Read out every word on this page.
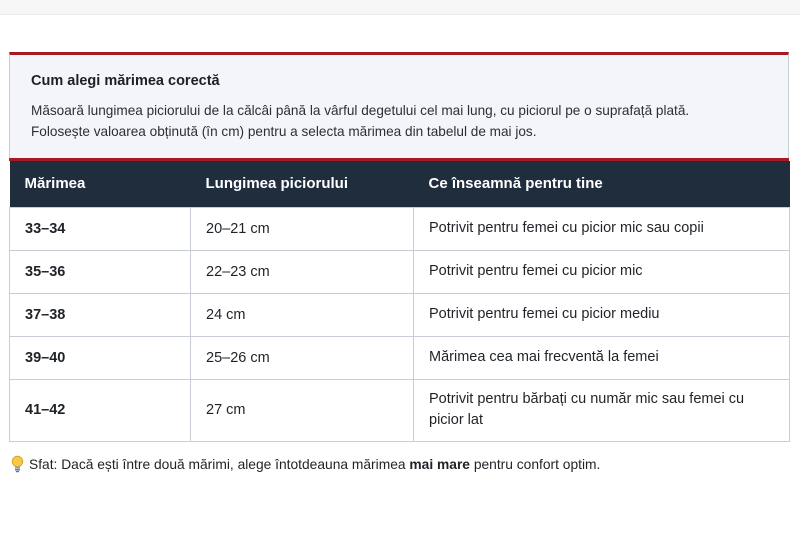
Cum alegi mărimea corectă

Măsoară lungimea piciorului de la călcâi până la vârful degetului cel mai lung, cu piciorul pe o suprafață plată.
Folosește valoarea obținută (în cm) pentru a selecta mărimea din tabelul de mai jos.

Mărimea	Lungimea piciorului	Ce înseamnă pentru tine
33–34	20–21 cm	Potrivit pentru femei cu picior mic sau copii
35–36	22–23 cm	Potrivit pentru femei cu picior mic
37–38	24 cm	Potrivit pentru femei cu picior mediu
39–40	25–26 cm	Mărimea cea mai frecventă la femei
41–42	27 cm	Potrivit pentru bărbați cu număr mic sau femei cu picior lat
Sfat: Dacă ești între două mărimi, alege întotdeauna mărimea mai mare pentru confort optim.
